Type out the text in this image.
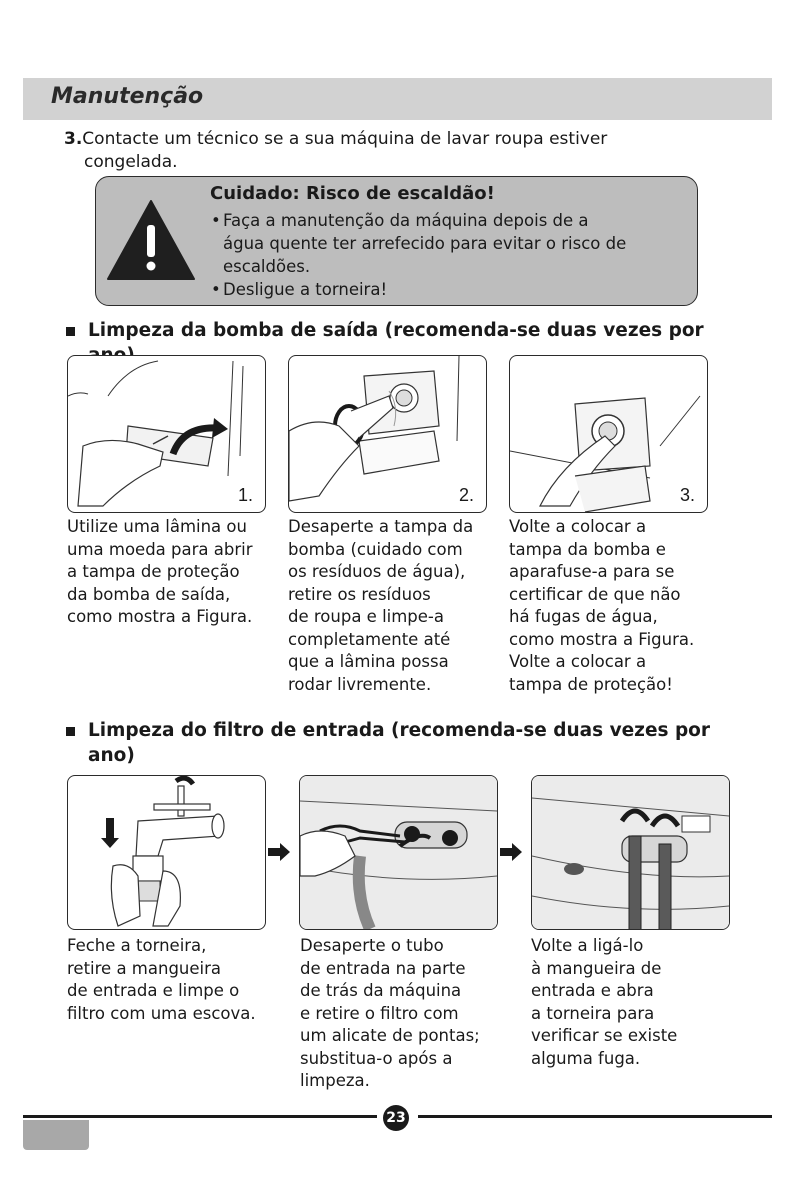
Manutenção

3.Contacte um técnico se a sua máquina de lavar roupa estiver
congelada.

Cuidado: Risco de escaldão!
• Faça a manutenção da máquina depois de a
água quente ter arrefecido para evitar o risco de
escaldões.
• Desligue a torneira!
Limpeza da bomba de saída (recomenda-se duas vezes por
1.	2.	3.

Utilize uma lâmina ou
uma moeda para abrir
a tampa de proteção
da bomba de saída,
como mostra a Figura.

Desaperte a tampa da
bomba (cuidado com
os resíduos de água),
retire os resíduos
de roupa e limpe-a
completamente até
que a lâmina possa
rodar livremente.

Volte a colocar a
tampa da bomba e
aparafuse-a para se
certificar de que não
há fugas de água,
como mostra a Figura.
Volte a colocar a
tampa de proteção!

Limpeza do filtro de entrada (recomenda-se duas vezes por
ano)

Feche a torneira,
retire a mangueira
de entrada e limpe o
filtro com uma escova.

Desaperte o tubo
de entrada na parte
de trás da máquina
e retire o filtro com
um alicate de pontas;
substitua-o após a
limpeza.

Volte a ligá-lo
à mangueira de
entrada e abra
a torneira para
verificar se existe
alguma fuga.

23
